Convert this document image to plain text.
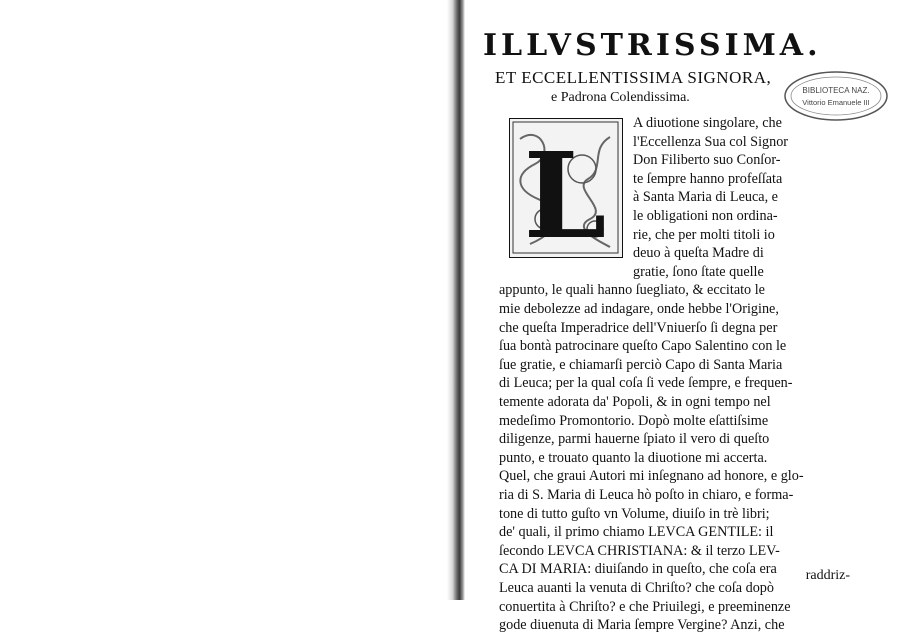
ILLVSTRISSIMA.

ET ECCELLENTISSIMA SIGNORA,

e Padrona Colendissima.	BIBLIOTECA NAZ.
Vittorio Emanuele III
L

A diuotione singolare, che

l'Eccellenza Sua col Signor

Don Filiberto suo Conſor-

te ſempre hanno profeſſata

à Santa Maria di Leuca, e

le obligationi non ordina-

rie, che per molti titoli io

deuo à queſta Madre di

gratie, ſono ſtate quelle

appunto, le quali hanno ſuegliato, & eccitato le

mie debolezze ad indagare, onde hebbe l'Origine,

che queſta Imperadrice dell'Vniuerſo ſi degna per

ſua bontà patrocinare queſto Capo Salentino con le

ſue gratie, e chiamarſi perciò Capo di Santa Maria

di Leuca; per la qual coſa ſi vede ſempre, e frequen-

temente adorata da' Popoli, & in ogni tempo nel

medeſimo Promontorio. Dopò molte eſattiſsime

diligenze, parmi hauerne ſpiato il vero di queſto

punto, e trouato quanto la diuotione mi accerta.

Quel, che graui Autori mi inſegnano ad honore, e glo-

ria di S. Maria di Leuca hò poſto in chiaro, e forma-

tone di tutto guſto vn Volume, diuiſo in trè libri;

de' quali, il primo chiamo LEVCA GENTILE: il

ſecondo LEVCA CHRISTIANA: & il terzo LEV-

CA DI MARIA: diuiſando in queſto, che coſa era

Leuca auanti la venuta di Chriſto? che coſa dopò

conuertita à Chriſto? e che Priuilegi, e preeminenze

gode diuenuta di Maria ſempre Vergine? Anzi, che

raddriz-
